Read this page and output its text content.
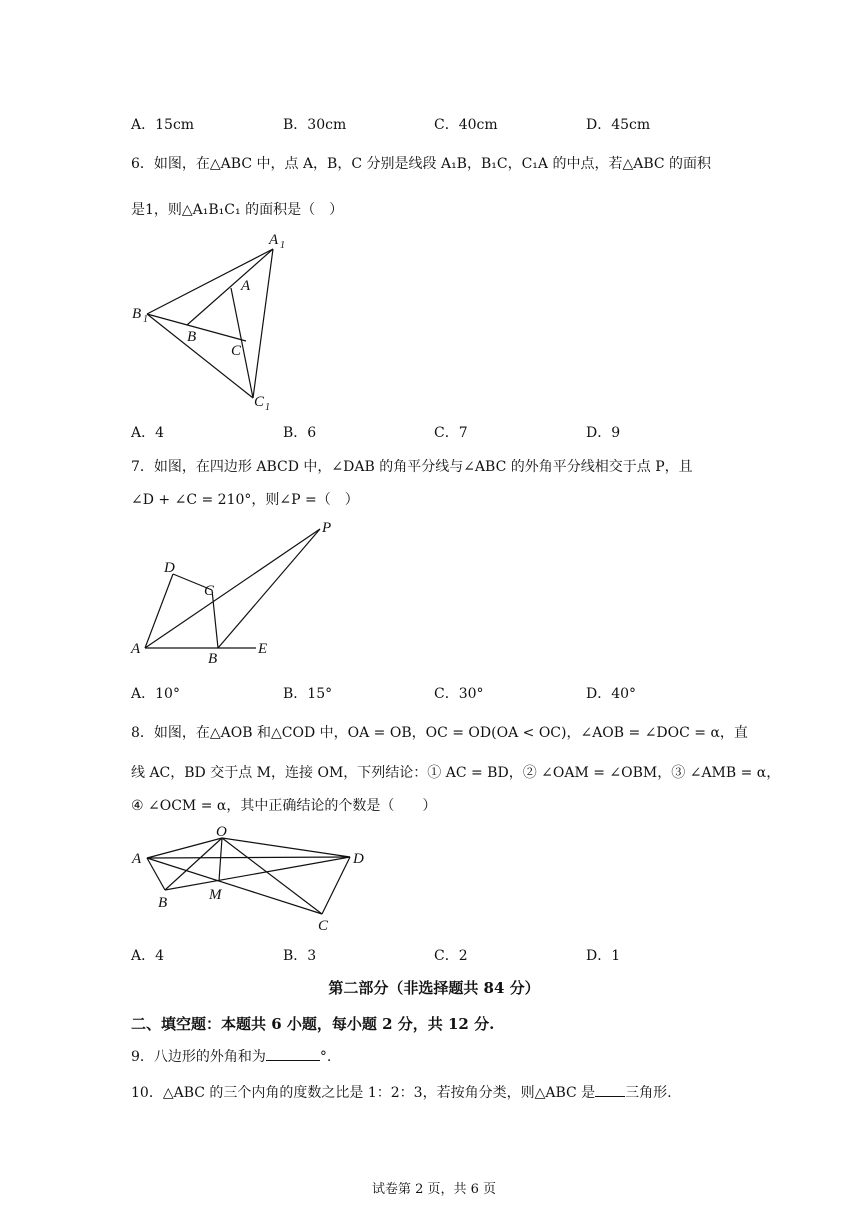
A．15cm	B．30cm	C．40cm	D．45cm
6．如图，在△ABC 中，点 A，B，C 分别是线段 A₁B，B₁C，C₁A 的中点，若△ABC 的面积
是1，则△A₁B₁C₁ 的面积是（　）
A 1
B 1
C 1
A
B
C
A．4	B．6	C．7	D．9
7．如图，在四边形 ABCD 中，∠DAB 的角平分线与∠ABC 的外角平分线相交于点 P，且
∠D + ∠C = 210°，则∠P =（　）
P
D
C
A
B
E
A．10°	B．15°	C．30°	D．40°
8．如图，在△AOB 和△COD 中，OA = OB，OC = OD(OA < OC)，∠AOB = ∠DOC = α，直
线 AC，BD 交于点 M，连接 OM，下列结论：① AC = BD，② ∠OAM = ∠OBM，③ ∠AMB = α，
④ ∠OCM = α，其中正确结论的个数是（　　）
O
A	D
B	M
C
A．4	B．3	C．2	D．1
第二部分（非选择题共 84 分）
二、填空题：本题共 6 小题，每小题 2 分，共 12 分.
9．八边形的外角和为	°.
10．△ABC 的三个内角的度数之比是 1：2：3，若按角分类，则△ABC 是 三角形.
试卷第 2 页，共 6 页
